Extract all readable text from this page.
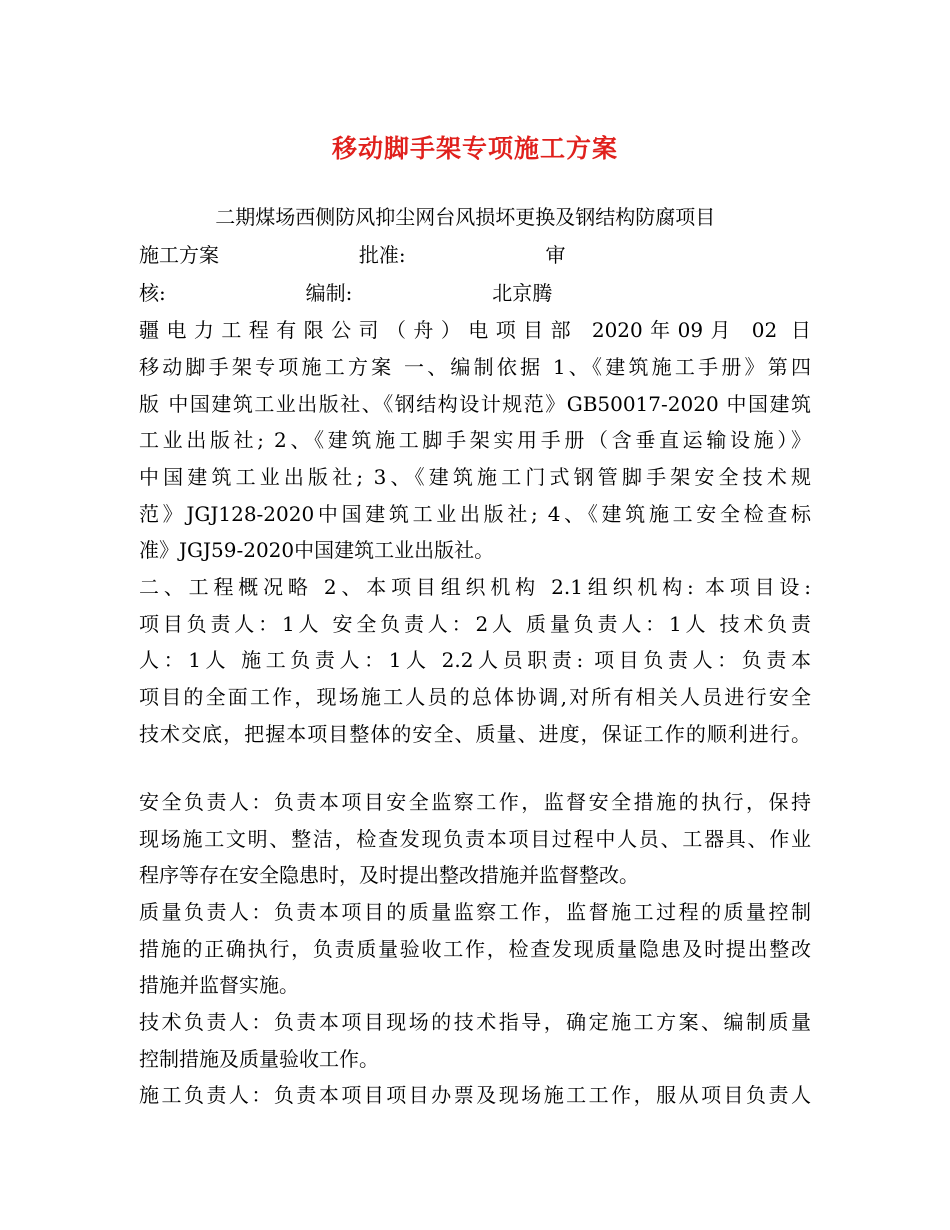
移动脚手架专项施工方案
二期煤场西侧防风抑尘网台风损坏更换及钢结构防腐项目
施工方案                      批准:                      审
核:                      编制:                      北京腾
疆电力工程有限公司（舟）电项目部 2020年09月 02 日
移动脚手架专项施工方案 一、编制依据 1、《建筑施工手册》第四
版 中国建筑工业出版社、《钢结构设计规范》GB50017-2020 中国建筑
工业出版社; 2、《建筑施工脚手架实用手册（含垂直运输设施）》
中国建筑工业出版社; 3、《建筑施工门式钢管脚手架安全技术规
范》JGJ128-2020中国建筑工业出版社; 4、《建筑施工安全检查标
准》JGJ59-2020中国建筑工业出版社。
二、工程概况略 2、本项目组织机构 2.1组织机构: 本项目设:
项目负责人：1人 安全负责人：2人 质量负责人：1人 技术负责
人：1人 施工负责人：1人 2.2人员职责: 项目负责人：负责本
项目的全面工作，现场施工人员的总体协调,对所有相关人员进行安全
技术交底，把握本项目整体的安全、质量、进度，保证工作的顺利进行。
安全负责人：负责本项目安全监察工作，监督安全措施的执行，保持
现场施工文明、整洁，检查发现负责本项目过程中人员、工器具、作业
程序等存在安全隐患时，及时提出整改措施并监督整改。
质量负责人：负责本项目的质量监察工作，监督施工过程的质量控制
措施的正确执行，负责质量验收工作，检查发现质量隐患及时提出整改
措施并监督实施。
技术负责人：负责本项目现场的技术指导，确定施工方案、编制质量
控制措施及质量验收工作。
施工负责人：负责本项目项目办票及现场施工工作，服从项目负责人
